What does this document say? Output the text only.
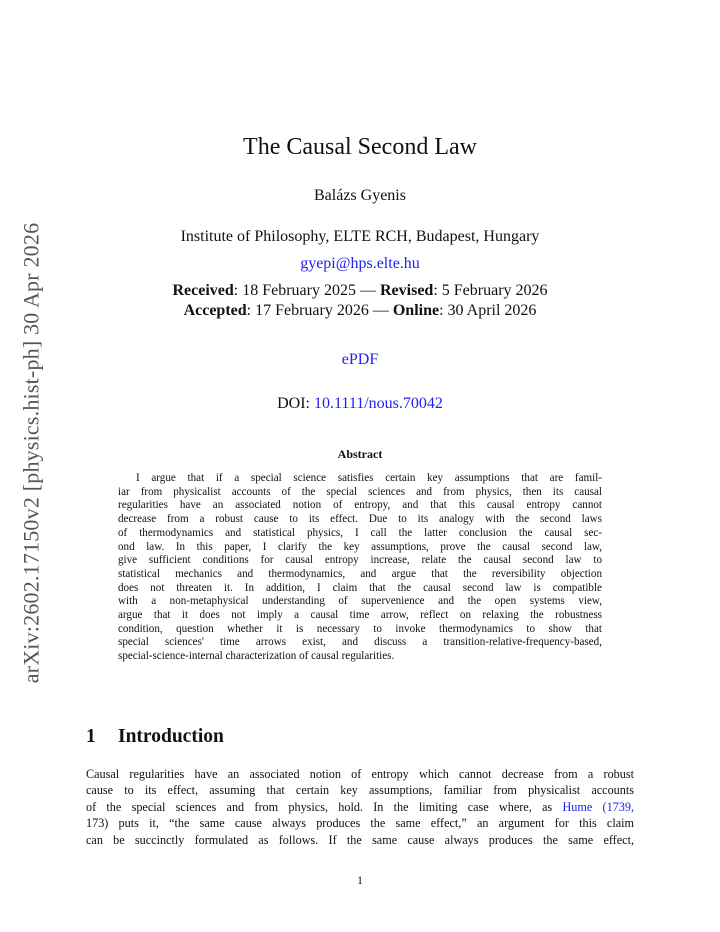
arXiv:2602.17150v2 [physics.hist-ph] 30 Apr 2026
The Causal Second Law
Balázs Gyenis
Institute of Philosophy, ELTE RCH, Budapest, Hungary
gyepi@hps.elte.hu
Received: 18 February 2025 — Revised: 5 February 2026
Accepted: 17 February 2026 — Online: 30 April 2026
ePDF
DOI: 10.1111/nous.70042
Abstract
I argue that if a special science satisfies certain key assumptions that are famil-
iar from physicalist accounts of the special sciences and from physics, then its causal
regularities have an associated notion of entropy, and that this causal entropy cannot
decrease from a robust cause to its effect. Due to its analogy with the second laws
of thermodynamics and statistical physics, I call the latter conclusion the causal sec-
ond law. In this paper, I clarify the key assumptions, prove the causal second law,
give sufficient conditions for causal entropy increase, relate the causal second law to
statistical mechanics and thermodynamics, and argue that the reversibility objection
does not threaten it. In addition, I claim that the causal second law is compatible
with a non-metaphysical understanding of supervenience and the open systems view,
argue that it does not imply a causal time arrow, reflect on relaxing the robustness
condition, question whether it is necessary to invoke thermodynamics to show that
special sciences' time arrows exist, and discuss a transition-relative-frequency-based,
special-science-internal characterization of causal regularities.
1 Introduction
Causal regularities have an associated notion of entropy which cannot decrease from a robust
cause to its effect, assuming that certain key assumptions, familiar from physicalist accounts
of the special sciences and from physics, hold. In the limiting case where, as Hume (1739,
173) puts it, “the same cause always produces the same effect,” an argument for this claim
can be succinctly formulated as follows. If the same cause always produces the same effect,
1
